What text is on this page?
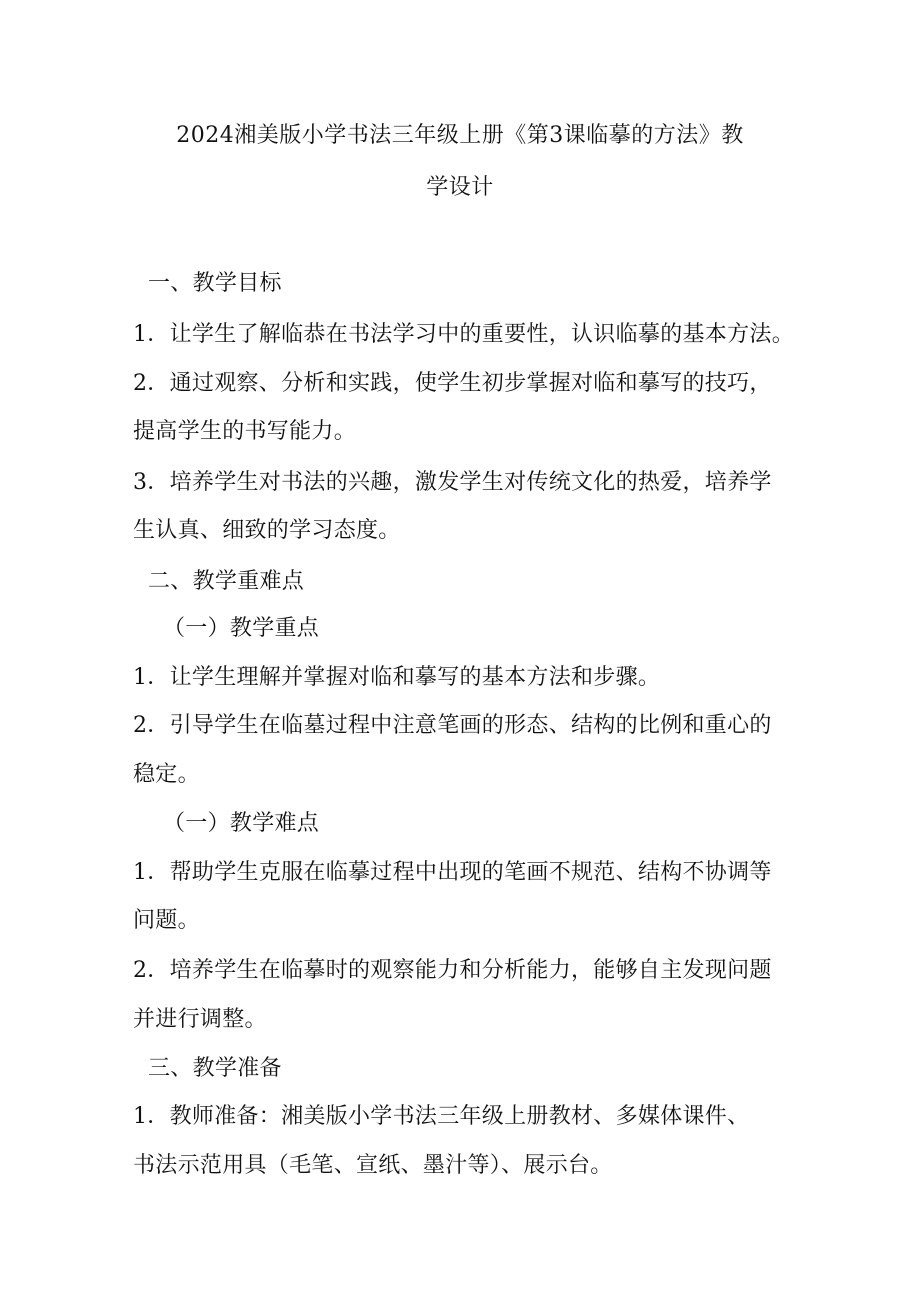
2024湘美版小学书法三年级上册《第3课临摹的方法》教
学设计
一、教学目标
1．让学生了解临恭在书法学习中的重要性，认识临摹的基本方法。
2．通过观察、分析和实践，使学生初步掌握对临和摹写的技巧，
提高学生的书写能力。
3．培养学生对书法的兴趣，激发学生对传统文化的热爱，培养学
生认真、细致的学习态度。
二、教学重难点
（一）教学重点
1．让学生理解并掌握对临和摹写的基本方法和步骤。
2．引导学生在临墓过程中注意笔画的形态、结构的比例和重心的
稳定。
（一）教学难点
1．帮助学生克服在临摹过程中出现的笔画不规范、结构不协调等
问题。
2．培养学生在临摹时的观察能力和分析能力，能够自主发现问题
并进行调整。
三、教学准备
1．教师准备：湘美版小学书法三年级上册教材、多媒体课件、
书法示范用具（毛笔、宣纸、墨汁等）、展示台。
